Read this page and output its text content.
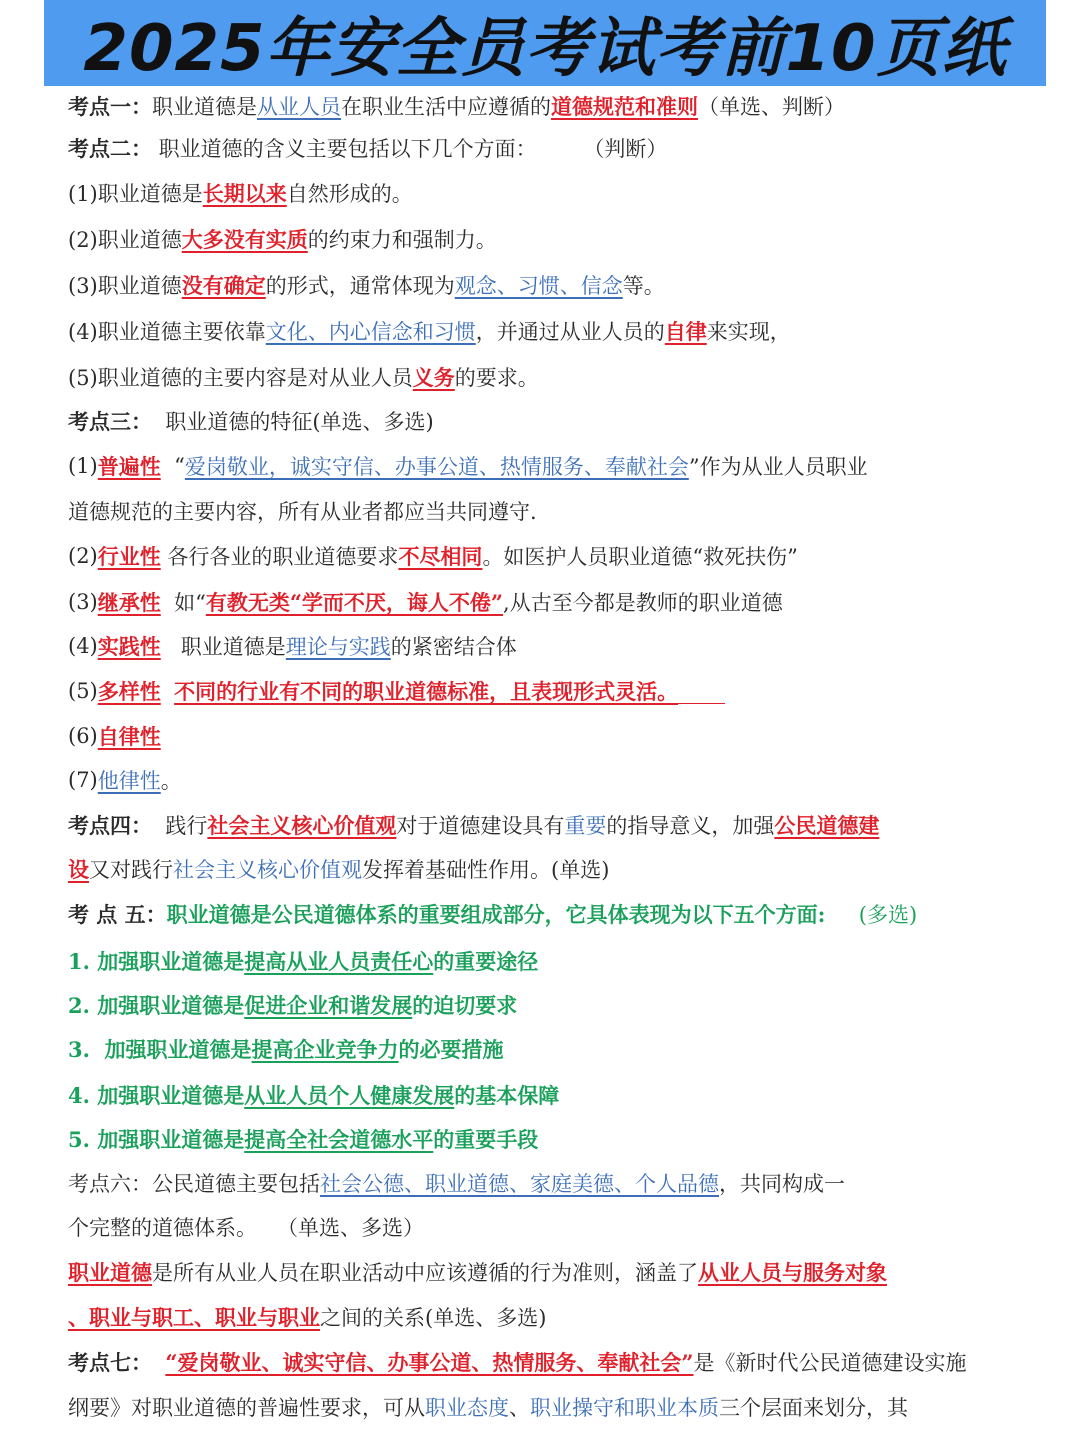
2025年安全员考试考前10页纸
考点一： 职业道德是 从业人员 在职业生活中应遵循的 道德规范和准则 （单选、判断）
考点二： 职业道德的含义主要包括以下几个方面：       （判断）
(1)职业道德是 长期以来 自然形成的。
(2)职业道德 大多没有实质 的约束力和强制力。
(3)职业道德 没有确定 的形式，通常体现为 观念、习惯、信念 等。
(4)职业道德主要依靠 文化、内心信念和习惯 ，并通过从业人员的 自律 来实现，
(5)职业道德的主要内容是对从业人员 义务 的要求。
考点三： 职业道德的特征(单选、多选)
(1) 普遍性 “ 爱岗敬业，诚实守信、办事公道、热情服务、奉献社会 ”作为从业人员职业
道德规范的主要内容，所有从业者都应当共同遵守.
(2) 行业性 各行各业的职业道德要求 不尽相同 。如医护人员职业道德“救死扶伤”
(3) 继承性 如“ 有教无类“学而不厌，诲人不倦” ,从古至今都是教师的职业道德
(4) 实践性 职业道德是 理论与实践 的紧密结合体
(5) 多样性
不同的行业有不同的职业道德标准，且表现形式灵活。

(6) 自律性
(7) 他律性 。
考点四： 践行 社会主义核心价值观 对于道德建设具有 重要 的指导意义，加强 公民道德建
设 又对践行 社会主义核心价值观 发挥着基础性作用。(单选)
考 点 五： 职业道德是公民道德体系的重要组成部分，它具体表现为以下五个方面: (多选)
1. 加强职业道德是 提高从业人员责任心 的重要途径
2. 加强职业道德是 促进企业和谐发展 的迫切要求
3.  加强职业道德是 提高企业竞争力 的必要措施
4. 加强职业道德是 从业人员个人健康发展 的基本保障
5. 加强职业道德是 提高全社会道德水平 的重要手段
考点六：公民道德主要包括 社会公德、职业道德、家庭美德、个人品德 ，共同构成一
个完整的道德体系。   （单选、多选）
职业道德 是所有从业人员在职业活动中应该遵循的行为准则，涵盖了 从业人员与服务对象
、职业与职工、职业与职业 之间的关系(单选、多选)
考点七：
“爱岗敬业、诚实守信、办事公道、热情服务、奉献社会” 是《新时代公民道德建设实施
纲要》对职业道德的普遍性要求，可从 职业态度 、 职业操守和职业本质 三个层面来划分，其
